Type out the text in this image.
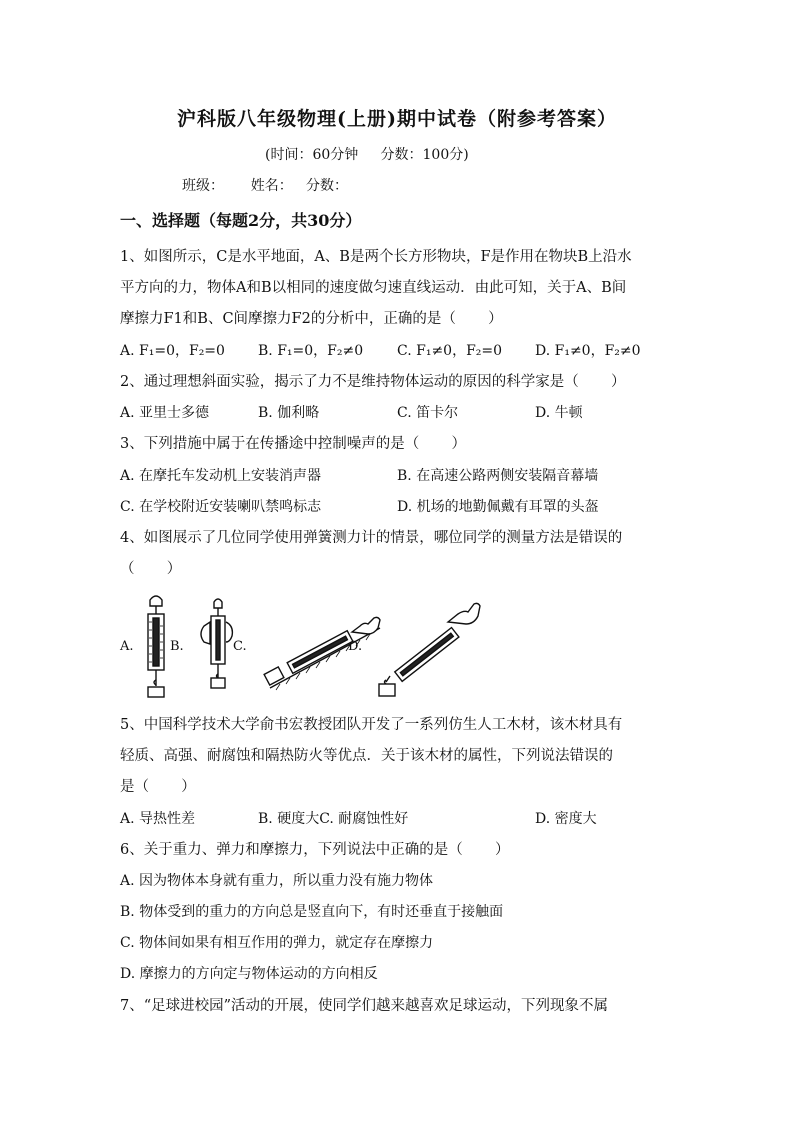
沪科版八年级物理(上册)期中试卷（附参考答案）
(时间：60分钟     分数：100分)
班级：      姓名：   分数：
一、选择题（每题2分，共30分）
1、如图所示，C是水平地面，A、B是两个长方形物块，F是作用在物块B上沿水
平方向的力，物体A和B以相同的速度做匀速直线运动．由此可知，关于A、B间
摩擦力F1和B、C间摩擦力F2的分析中，正确的是（       ）
A. F₁=0，F₂=0 B. F₁=0，F₂≠0 C. F₁≠0，F₂=0 D. F₁≠0，F₂≠0
2、通过理想斜面实验，揭示了力不是维持物体运动的原因的科学家是（       ）
A. 亚里士多德	B. 伽利略	C. 笛卡尔	D. 牛顿
3、下列措施中属于在传播途中控制噪声的是（       ）
A. 在摩托车发动机上安装消声器	B. 在高速公路两侧安装隔音幕墙
C. 在学校附近安装喇叭禁鸣标志	D. 机场的地勤佩戴有耳罩的头盔
4、如图展示了几位同学使用弹簧测力计的情景，哪位同学的测量方法是错误的
（       ）
A.	B.	C.	D.
5、中国科学技术大学俞书宏教授团队开发了一系列仿生人工木材，该木材具有
轻质、高强、耐腐蚀和隔热防火等优点．关于该木材的属性，下列说法错误的
是（       ）
A. 导热性差	B. 硬度大C. 耐腐蚀性好	D. 密度大
6、关于重力、弹力和摩擦力，下列说法中正确的是（       ）
A. 因为物体本身就有重力，所以重力没有施力物体
B. 物体受到的重力的方向总是竖直向下，有时还垂直于接触面
C. 物体间如果有相互作用的弹力，就定存在摩擦力
D. 摩擦力的方向定与物体运动的方向相反
7、“足球进校园”活动的开展，使同学们越来越喜欢足球运动，下列现象不属
